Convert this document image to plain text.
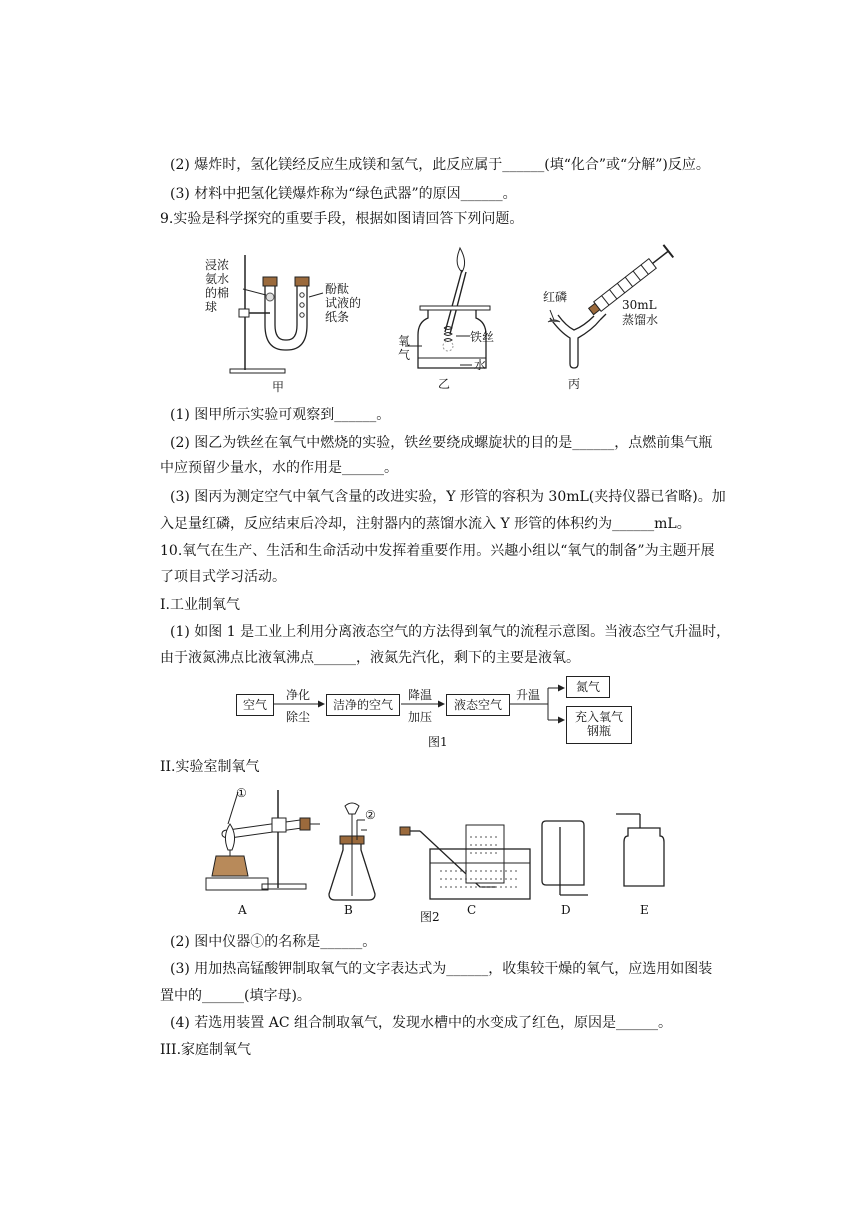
(2) 爆炸时，氢化镁经反应生成镁和氢气，此反应属于______(填“化合”或“分解”)反应。
(3) 材料中把氢化镁爆炸称为“绿色武器”的原因______。
9.实验是科学探究的重要手段，根据如图请回答下列问题。
浸浓
氨水
的棉
球
酚酞
试液的
纸条
甲
铁丝
氧
气
水
乙
红磷
30mL
蒸馏水
丙
(1) 图甲所示实验可观察到______。
(2) 图乙为铁丝在氧气中燃烧的实验，铁丝要绕成螺旋状的目的是______，点燃前集气瓶
中应预留少量水，水的作用是______。
(3) 图丙为测定空气中氧气含量的改进实验，Y 形管的容积为 30mL(夹持仪器已省略)。加
入足量红磷，反应结束后冷却，注射器内的蒸馏水流入 Y 形管的体积约为______mL。
10.氧气在生产、生活和生命活动中发挥着重要作用。兴趣小组以“氧气的制备”为主题开展
了项目式学习活动。
I.工业制氧气
(1) 如图 1 是工业上利用分离液态空气的方法得到氧气的流程示意图。当液态空气升温时，
由于液氮沸点比液氧沸点______，液氮先汽化，剩下的主要是液氧。
空气
净化
除尘
洁净的空气
降温
加压
液态空气
升温
氮气
充入氧气
钢瓶
图1
II.实验室制氧气
①
A
②
B	图2 C	D	E
(2) 图中仪器①的名称是______。
(3) 用加热高锰酸钾制取氧气的文字表达式为______，收集较干燥的氧气，应选用如图装
置中的______(填字母)。
(4) 若选用装置 AC 组合制取氧气，发现水槽中的水变成了红色，原因是______。
III.家庭制氧气
